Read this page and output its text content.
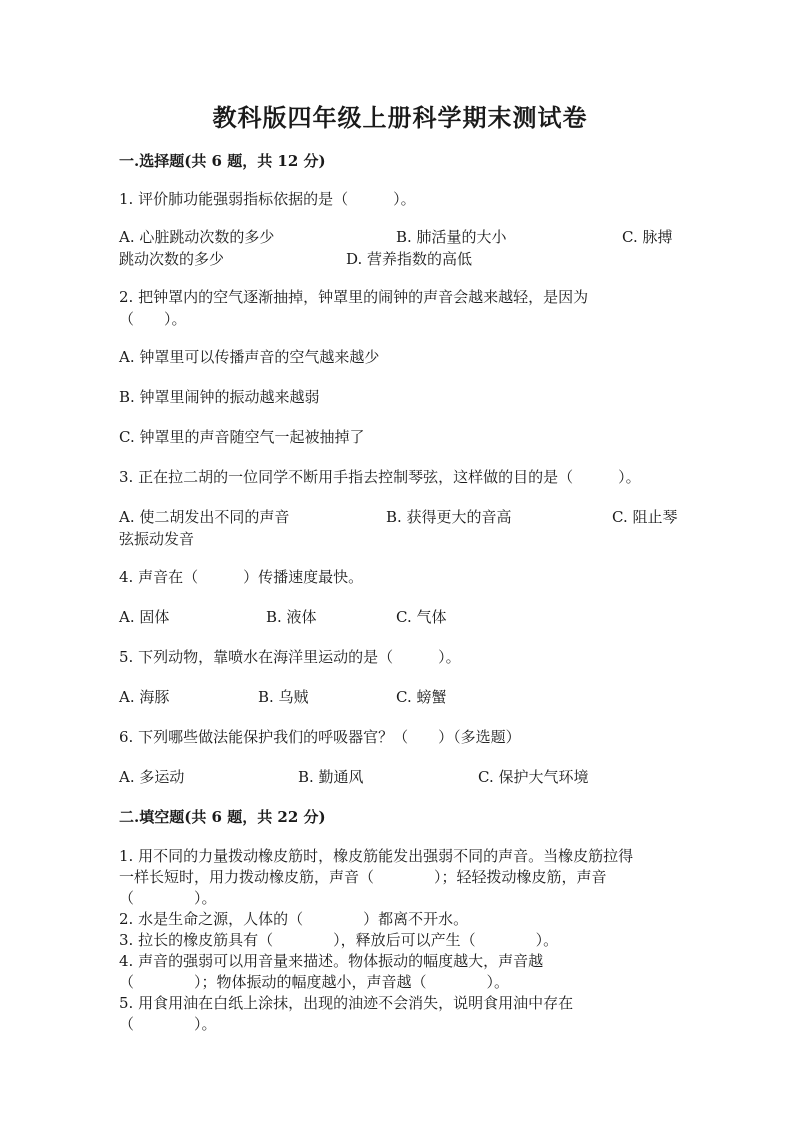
教科版四年级上册科学期末测试卷
一.选择题(共 6 题，共 12 分)
1. 评价肺功能强弱指标依据的是（　　　）。
A. 心脏跳动次数的多少	B. 肺活量的大小	C. 脉搏
跳动次数的多少	D. 营养指数的高低
2. 把钟罩内的空气逐渐抽掉，钟罩里的闹钟的声音会越来越轻，是因为
（　　）。
A. 钟罩里可以传播声音的空气越来越少
B. 钟罩里闹钟的振动越来越弱
C. 钟罩里的声音随空气一起被抽掉了
3. 正在拉二胡的一位同学不断用手指去控制琴弦，这样做的目的是（　　　）。
A. 使二胡发出不同的声音	B. 获得更大的音高	C. 阻止琴
弦振动发音
4. 声音在（　　　）传播速度最快。
A. 固体	B. 液体	C. 气体
5. 下列动物，靠喷水在海洋里运动的是（　　　）。
A. 海豚	B. 乌贼	C. 螃蟹
6. 下列哪些做法能保护我们的呼吸器官？（　　）（多选题）
A. 多运动	B. 勤通风	C. 保护大气环境
二.填空题(共 6 题，共 22 分)
1. 用不同的力量拨动橡皮筋时，橡皮筋能发出强弱不同的声音。当橡皮筋拉得
一样长短时，用力拨动橡皮筋，声音（　　　　）；轻轻拨动橡皮筋，声音
（　　　　）。
2. 水是生命之源，人体的（　　　　）都离不开水。
3. 拉长的橡皮筋具有（　　　　），释放后可以产生（　　　　）。
4. 声音的强弱可以用音量来描述。物体振动的幅度越大，声音越
（　　　　）；物体振动的幅度越小，声音越（　　　　）。
5. 用食用油在白纸上涂抹，出现的油迹不会消失，说明食用油中存在
（　　　　）。
